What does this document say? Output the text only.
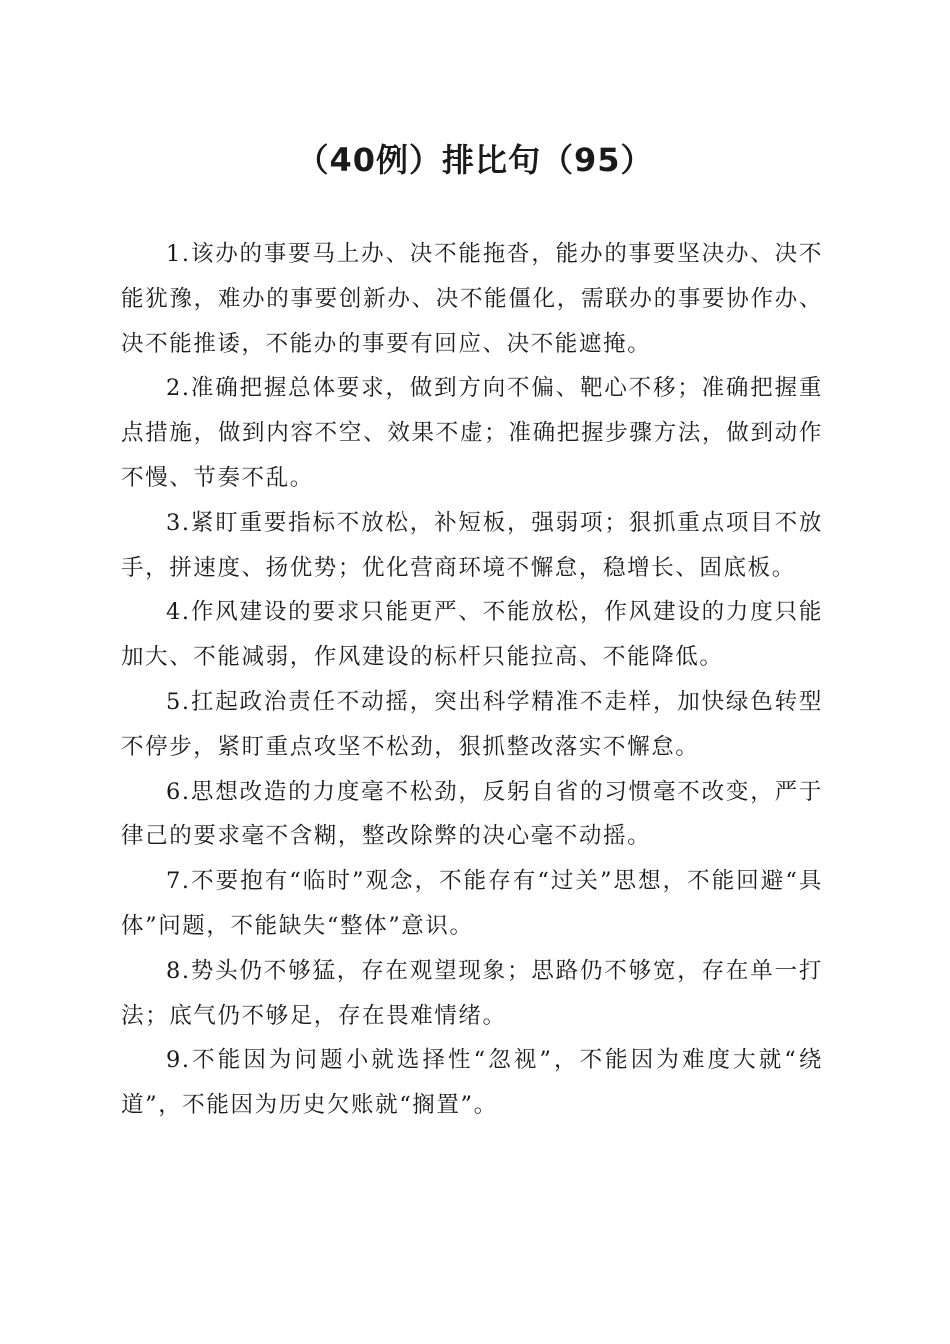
（40例）排比句（95）

1.该办的事要马上办、决不能拖沓，能办的事要坚决办、决不能犹豫，难办的事要创新办、决不能僵化，需联办的事要协作办、决不能推诿，不能办的事要有回应、决不能遮掩。

2.准确把握总体要求，做到方向不偏、靶心不移；准确把握重点措施，做到内容不空、效果不虚；准确把握步骤方法，做到动作不慢、节奏不乱。

3.紧盯重要指标不放松，补短板，强弱项；狠抓重点项目不放手，拼速度、扬优势；优化营商环境不懈怠，稳增长、固底板。

4.作风建设的要求只能更严、不能放松，作风建设的力度只能加大、不能减弱，作风建设的标杆只能拉高、不能降低。

5.扛起政治责任不动摇，突出科学精准不走样，加快绿色转型不停步，紧盯重点攻坚不松劲，狠抓整改落实不懈怠。

6.思想改造的力度毫不松劲，反躬自省的习惯毫不改变，严于律己的要求毫不含糊，整改除弊的决心毫不动摇。

7.不要抱有“临时”观念，不能存有“过关”思想，不能回避“具体”问题，不能缺失“整体”意识。

8.势头仍不够猛，存在观望现象；思路仍不够宽，存在单一打法；底气仍不够足，存在畏难情绪。

9.不能因为问题小就选择性“忽视”，不能因为难度大就“绕道”，不能因为历史欠账就“搁置”。
